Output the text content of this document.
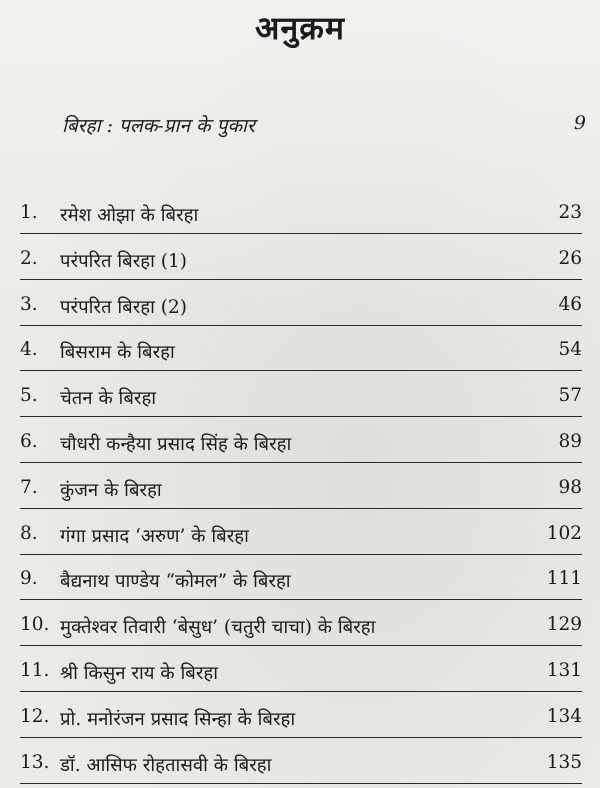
अनुक्रम
बिरहा : पलक-प्रान के पुकार	9
1.	रमेश ओझा के बिरहा	23
2.	परंपरित बिरहा (1)	26
3.	परंपरित बिरहा (2)	46
4.	बिसराम के बिरहा	54
5.	चेतन के बिरहा	57
6.	चौधरी कन्हैया प्रसाद सिंह के बिरहा	89
7.	कुंजन के बिरहा	98
8.	गंगा प्रसाद ‘अरुण’ के बिरहा	102
9.	बैद्यनाथ पाण्डेय “कोमल” के बिरहा	111
10. मुक्तेश्वर तिवारी ‘बेसुध’ (चतुरी चाचा) के बिरहा	129
11. श्री किसुन राय के बिरहा	131
12. प्रो. मनोरंजन प्रसाद सिन्हा के बिरहा	134
13. डॉ. आसिफ रोहतासवी के बिरहा	135
